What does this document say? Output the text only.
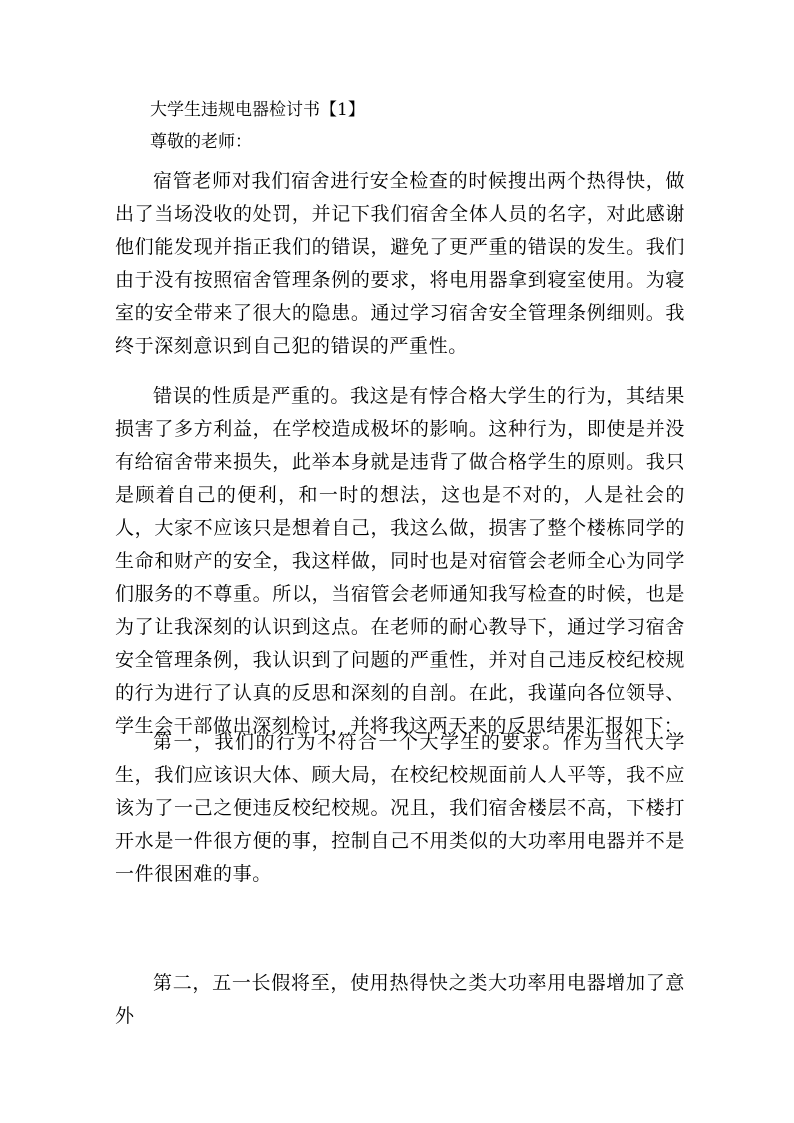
大学生违规电器检讨书【1】
尊敬的老师：

宿管老师对我们宿舍进行安全检查的时候搜出两个热得快，做出了当场没收的处罚，并记下我们宿舍全体人员的名字，对此感谢他们能发现并指正我们的错误，避免了更严重的错误的发生。我们由于没有按照宿舍管理条例的要求，将电用器拿到寝室使用。为寝室的安全带来了很大的隐患。通过学习宿舍安全管理条例细则。我终于深刻意识到自己犯的错误的严重性。

错误的性质是严重的。我这是有悖合格大学生的行为，其结果损害了多方利益，在学校造成极坏的影响。这种行为，即使是并没有给宿舍带来损失，此举本身就是违背了做合格学生的原则。我只是顾着自己的便利，和一时的想法，这也是不对的，人是社会的人，大家不应该只是想着自己，我这么做，损害了整个楼栋同学的生命和财产的安全，我这样做，同时也是对宿管会老师全心为同学们服务的不尊重。所以，当宿管会老师通知我写检查的时候，也是为了让我深刻的认识到这点。在老师的耐心教导下，通过学习宿舍安全管理条例，我认识到了问题的严重性，并对自己违反校纪校规的行为进行了认真的反思和深刻的自剖。在此，我谨向各位领导、学生会干部做出深刻检讨，并将我这两天来的反思结果汇报如下：

第一，我们的行为不符合一个大学生的要求。作为当代大学生，我们应该识大体、顾大局，在校纪校规面前人人平等，我不应该为了一己之便违反校纪校规。况且，我们宿舍楼层不高，下楼打开水是一件很方便的事，控制自己不用类似的大功率用电器并不是一件很困难的事。

第二，五一长假将至，使用热得快之类大功率用电器增加了意外
